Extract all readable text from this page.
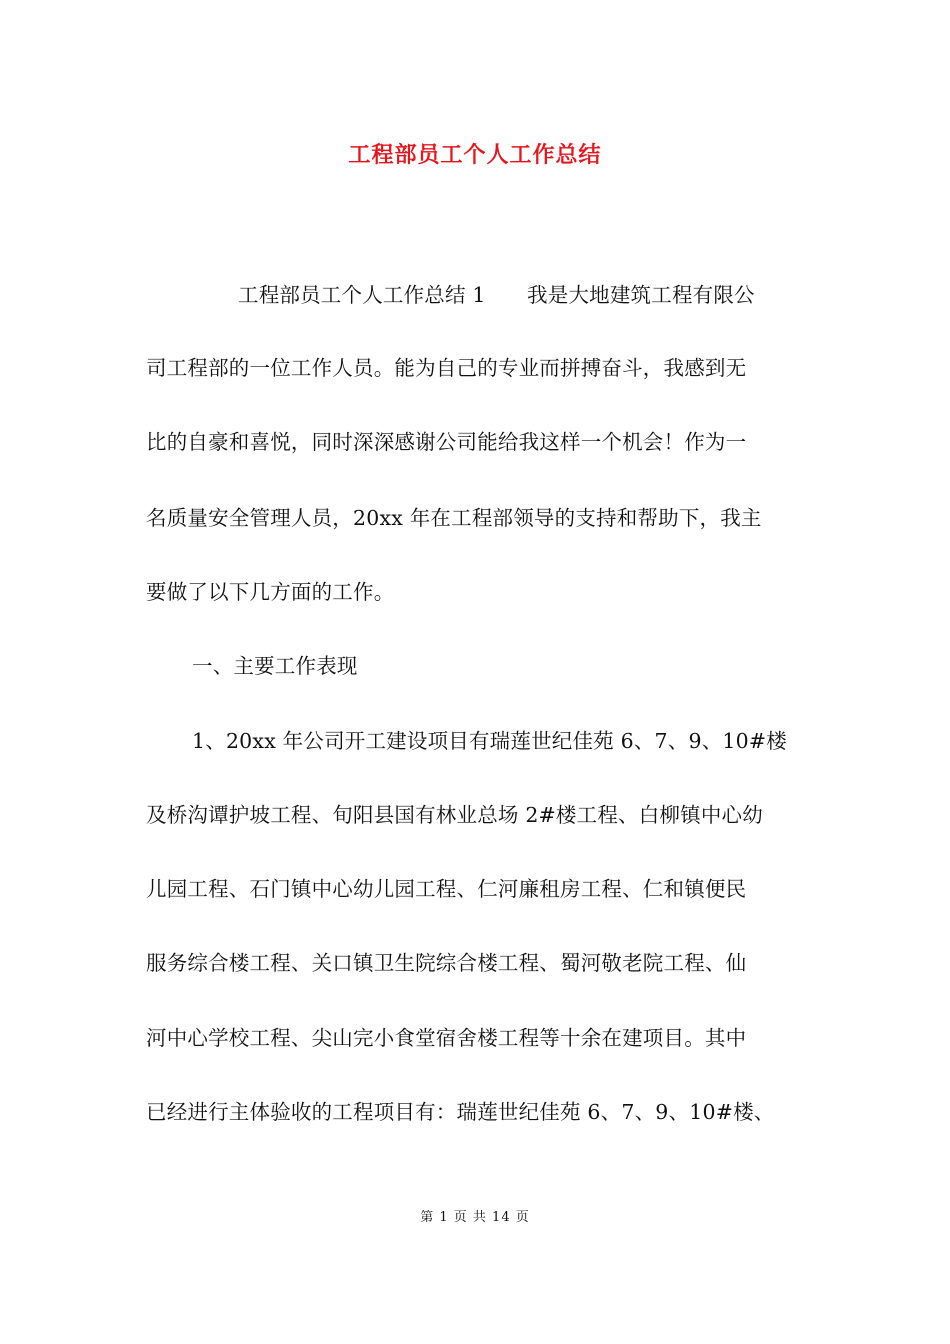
工程部员工个人工作总结
工程部员工个人工作总结 1　　我是大地建筑工程有限公
司工程部的一位工作人员。能为自己的专业而拼搏奋斗，我感到无
比的自豪和喜悦，同时深深感谢公司能给我这样一个机会！作为一
名质量安全管理人员，20xx 年在工程部领导的支持和帮助下，我主
要做了以下几方面的工作。
一、主要工作表现
1、20xx 年公司开工建设项目有瑞莲世纪佳苑 6、7、9、10#楼
及桥沟谭护坡工程、旬阳县国有林业总场 2#楼工程、白柳镇中心幼
儿园工程、石门镇中心幼儿园工程、仁河廉租房工程、仁和镇便民
服务综合楼工程、关口镇卫生院综合楼工程、蜀河敬老院工程、仙
河中心学校工程、尖山完小食堂宿舍楼工程等十余在建项目。其中
已经进行主体验收的工程项目有：瑞莲世纪佳苑 6、7、9、10#楼、
第 1 页 共 14 页
